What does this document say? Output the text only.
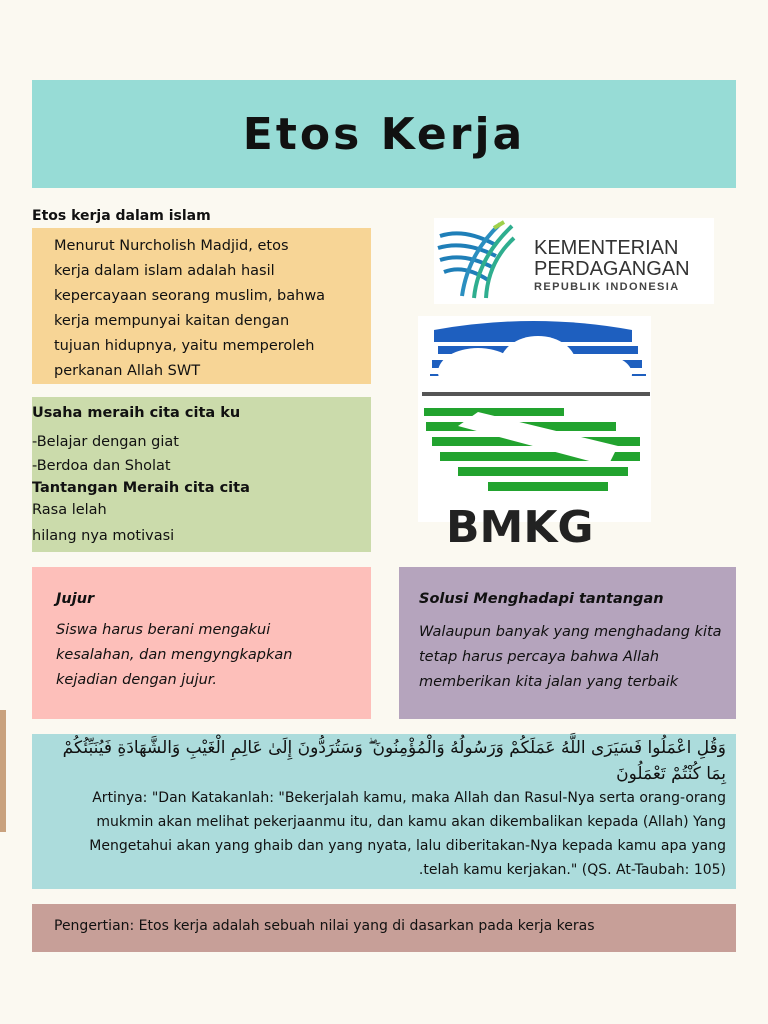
Etos Kerja
Etos kerja dalam islam
Menurut Nurcholish Madjid, etos
kerja dalam islam adalah hasil
kepercayaan seorang muslim, bahwa
kerja mempunyai kaitan dengan
tujuan hidupnya, yaitu memperoleh
perkanan Allah SWT
Usaha meraih cita cita ku
-Belajar dengan giat
-Berdoa dan Sholat
Tantangan Meraih cita cita
Rasa lelah
hilang nya motivasi
Jujur
Siswa harus berani mengakui
kesalahan, dan mengyngkapkan
kejadian dengan jujur.
Solusi Menghadapi tantangan
Walaupun banyak yang menghadang kita
tetap harus percaya bahwa Allah
memberikan kita jalan yang terbaik
وَقُلِ اعْمَلُوا فَسَيَرَى اللَّهُ عَمَلَكُمْ وَرَسُولُهُ وَالْمُؤْمِنُونَ ۖ وَسَتُرَدُّونَ إِلَىٰ عَالِمِ الْغَيْبِ وَالشَّهَادَةِ فَيُنَبِّئُكُمْ
بِمَا كُنْتُمْ تَعْمَلُونَ
Artinya: "Dan Katakanlah: "Bekerjalah kamu, maka Allah dan Rasul-Nya serta orang-orang
mukmin akan melihat pekerjaanmu itu, dan kamu akan dikembalikan kepada (Allah) Yang
Mengetahui akan yang ghaib dan yang nyata, lalu diberitakan-Nya kepada kamu apa yang
.telah kamu kerjakan." (QS. At-Taubah: 105)
Pengertian: Etos kerja adalah sebuah nilai yang di dasarkan pada kerja keras
KEMENTERIAN
PERDAGANGAN
REPUBLIK INDONESIA
BMKG
